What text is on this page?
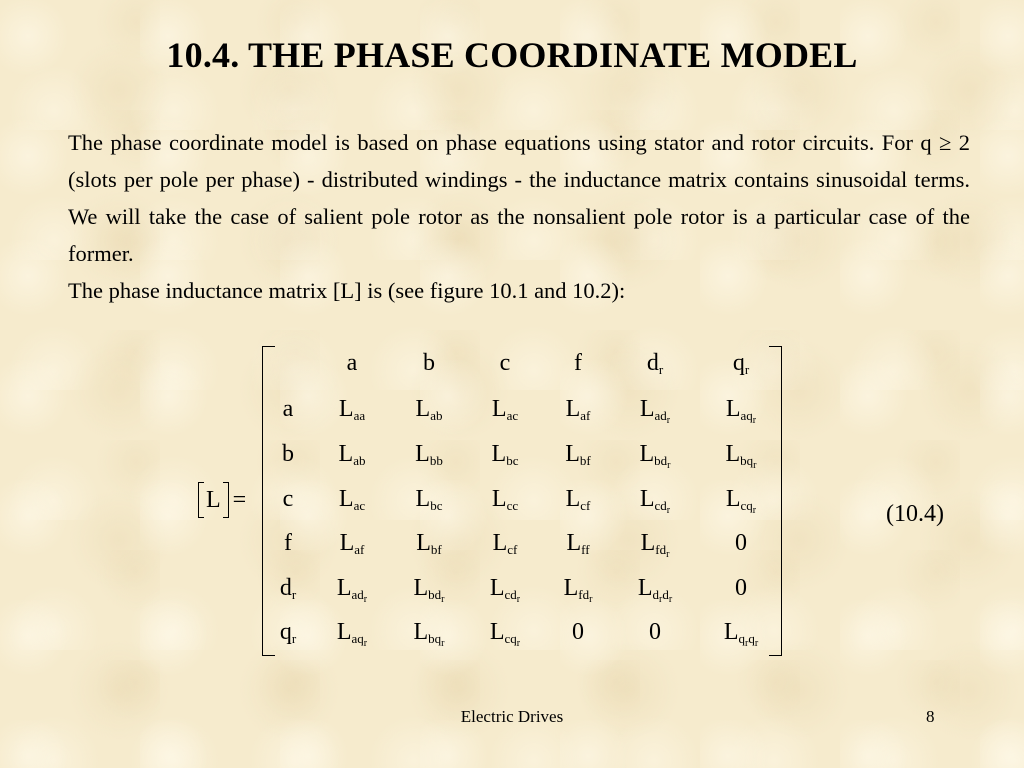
10.4. THE PHASE COORDINATE MODEL

The phase coordinate model is based on phase equations using stator and rotor circuits. For q ≥ 2 (slots per pole per phase) - distributed windings - the inductance matrix contains sinusoidal terms. We will take the case of salient pole rotor as the nonsalient pole rotor is a particular case of the former.

The phase inductance matrix [L] is (see figure 10.1 and 10.2):

L =
a	b	c	f	$d_r$	$q_r$
a $L_{aa}$ $L_{ab}$ $L_{ac}$ $L_{af}$ $L_{ad_r}$ $L_{aq_r}$
b $L_{ab}$ $L_{bb}$ $L_{bc}$ $L_{bf}$ $L_{bd_r}$ $L_{bq_r}$
c $L_{ac}$ $L_{bc}$ $L_{cc}$ $L_{cf}$ $L_{cd_r}$ $L_{cq_r}$
f $L_{af}$ $L_{bf}$ $L_{cf}$ $L_{ff}$ $L_{fd_r}$	0
$d_r$ $L_{ad_r}$ $L_{bd_r}$ $L_{cd_r}$ $L_{fd_r}$ $L_{d_rd_r}$	0
$q_r$ $L_{aq_r}$ $L_{bq_r}$ $L_{cq_r}$ 0	0	$L_{q_rq_r}$
(10.4)
Electric Drives	8
